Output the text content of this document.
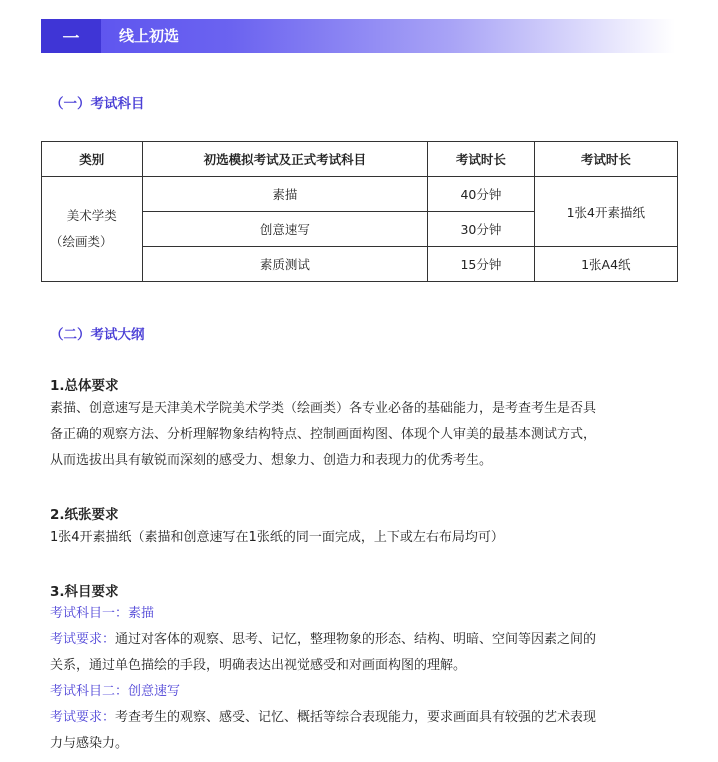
一	线上初选
（一）考试科目
类别	初选模拟考试及正式考试科目	考试时长	考试时长

美术学类
（绘画类）	素描	40分钟	1张4开素描纸
	创意速写	30分钟	
	素质测试	15分钟	1张A4纸
（二）考试大纲
1.总体要求
素描、创意速写是天津美术学院美术学类（绘画类）各专业必备的基础能力，是考查考生是否具
备正确的观察方法、分析理解物象结构特点、控制画面构图、体现个人审美的最基本测试方式，
从而选拔出具有敏锐而深刻的感受力、想象力、创造力和表现力的优秀考生。
2.纸张要求
1张4开素描纸（素描和创意速写在1张纸的同一面完成，上下或左右布局均可）
3.科目要求
考试科目一：素描
考试要求：通过对客体的观察、思考、记忆，整理物象的形态、结构、明暗、空间等因素之间的
关系，通过单色描绘的手段，明确表达出视觉感受和对画面构图的理解。
考试科目二：创意速写
考试要求：考查考生的观察、感受、记忆、概括等综合表现能力，要求画面具有较强的艺术表现
力与感染力。
